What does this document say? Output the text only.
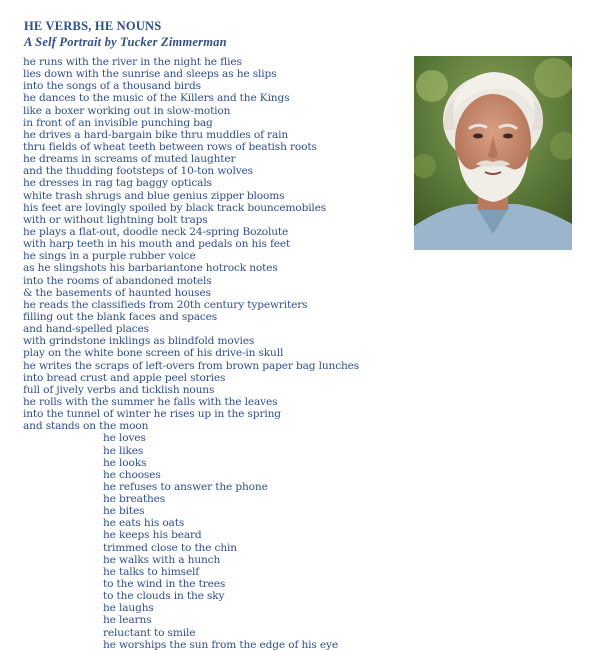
HE VERBS, HE NOUNS
A Self Portrait by Tucker Zimmerman
he runs with the river in the night he flies
lies down with the sunrise and sleeps as he slips
into the songs of a thousand birds
he dances to the music of the Killers and the Kings
like a boxer working out in slow-motion
in front of an invisible punching bag
he drives a hard-bargain bike thru muddles of rain
thru fields of wheat teeth between rows of beatish roots
he dreams in screams of muted laughter
and the thudding footsteps of 10-ton wolves
he dresses in rag tag baggy opticals
white trash shrugs and blue genius zipper blooms
his feet are lovingly spoiled by black track bouncemobiles
with or without lightning bolt traps
he plays a flat-out, doodle neck 24-spring Bozolute
with harp teeth in his mouth and pedals on his feet
he sings in a purple rubber voice
as he slingshots his barbariantone hotrock notes
into the rooms of abandoned motels
& the basements of haunted houses
he reads the classifieds from 20th century typewriters
filling out the blank faces and spaces
and hand-spelled places
with grindstone inklings as blindfold movies
play on the white bone screen of his drive-in skull
he writes the scraps of left-overs from brown paper bag lunches
into bread crust and apple peel stories
full of jively verbs and ticklish nouns
he rolls with the summer he falls with the leaves
into the tunnel of winter he rises up in the spring
and stands on the moon
he loves
he likes
he looks
he chooses
he refuses to answer the phone
he breathes
he bites
he eats his oats
he keeps his beard
trimmed close to the chin
he walks with a hunch
he talks to himself
to the wind in the trees
to the clouds in the sky
he laughs
he learns
reluctant to smile
he worships the sun from the edge of his eye
